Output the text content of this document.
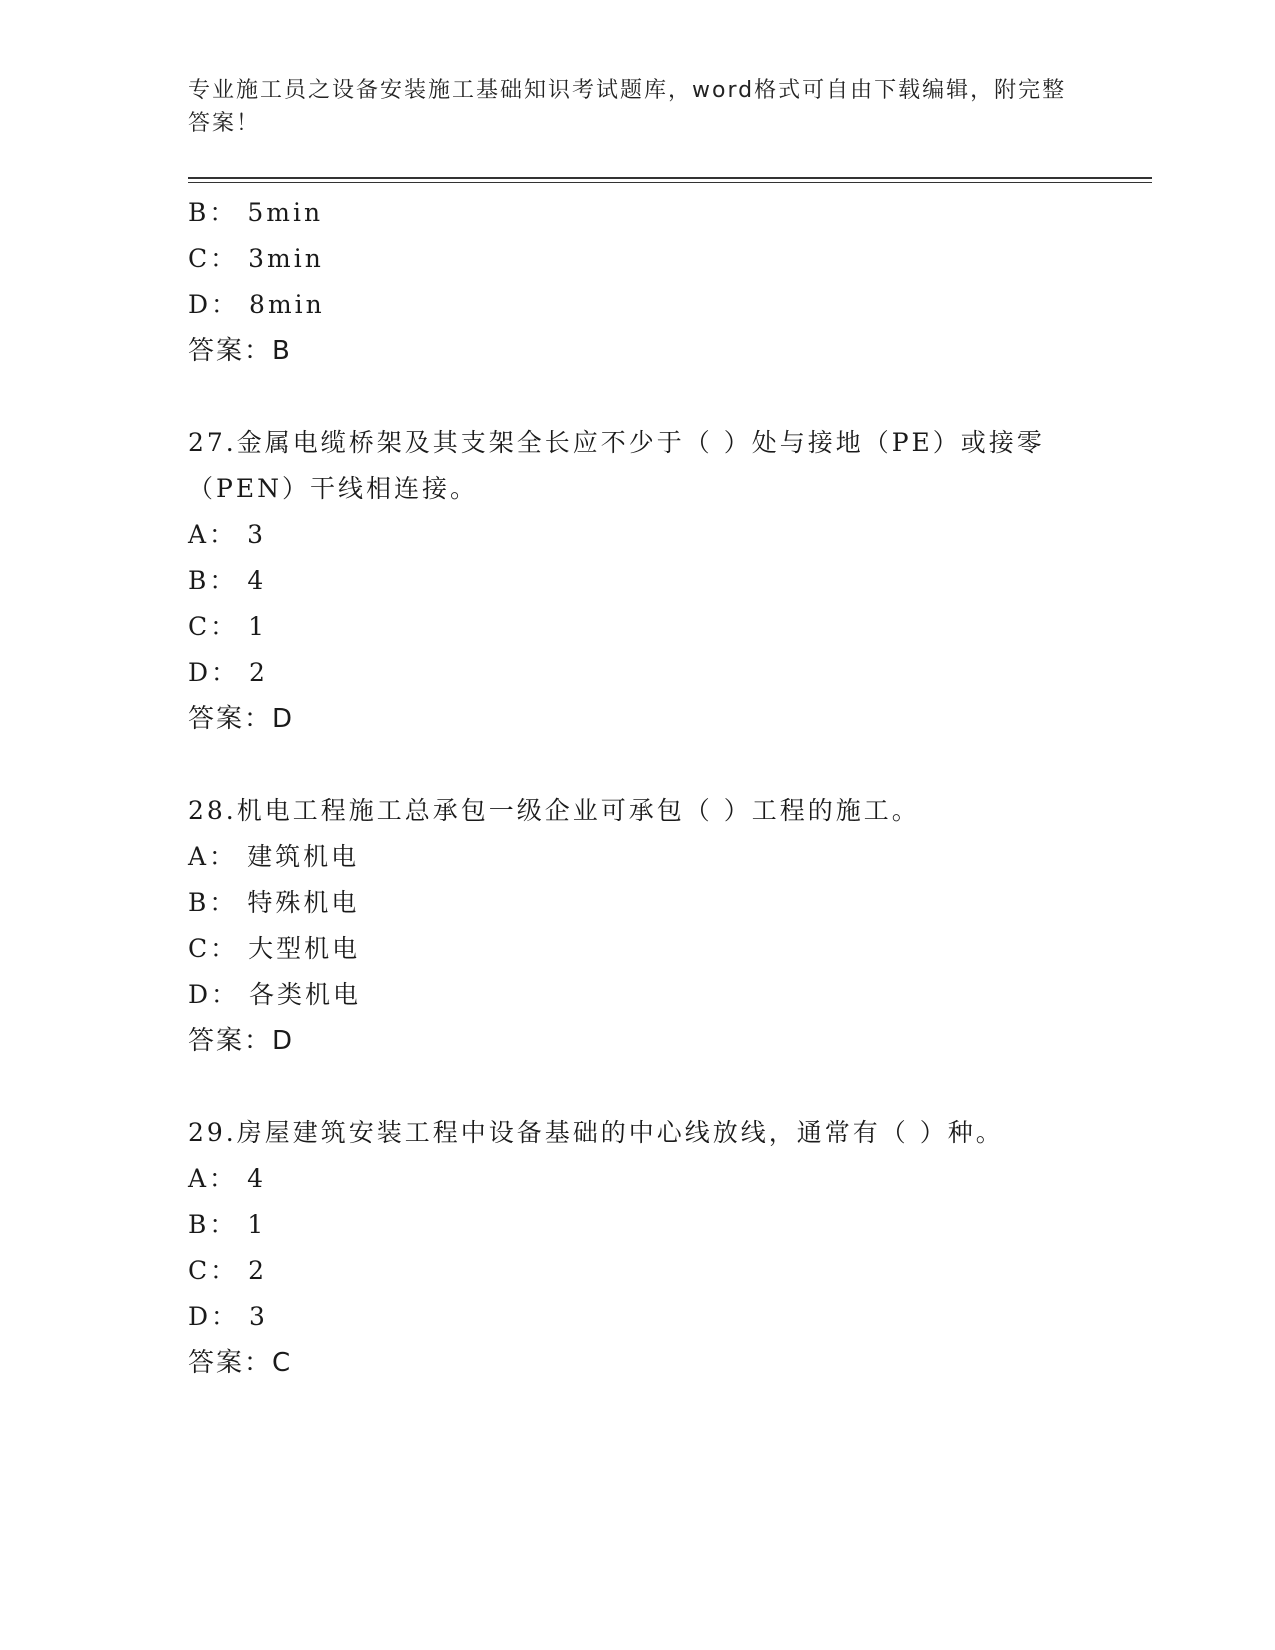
专业施工员之设备安装施工基础知识考试题库，word格式可自由下载编辑，附完整答案！
B： 5min
C： 3min
D： 8min
答案：B
27.金属电缆桥架及其支架全长应不少于（ ）处与接地（PE）或接零（PEN）干线相连接。
A： 3
B： 4
C： 1
D： 2
答案：D
28.机电工程施工总承包一级企业可承包（ ）工程的施工。
A： 建筑机电
B： 特殊机电
C： 大型机电
D： 各类机电
答案：D
29.房屋建筑安装工程中设备基础的中心线放线，通常有（ ）种。
A： 4
B： 1
C： 2
D： 3
答案：C
